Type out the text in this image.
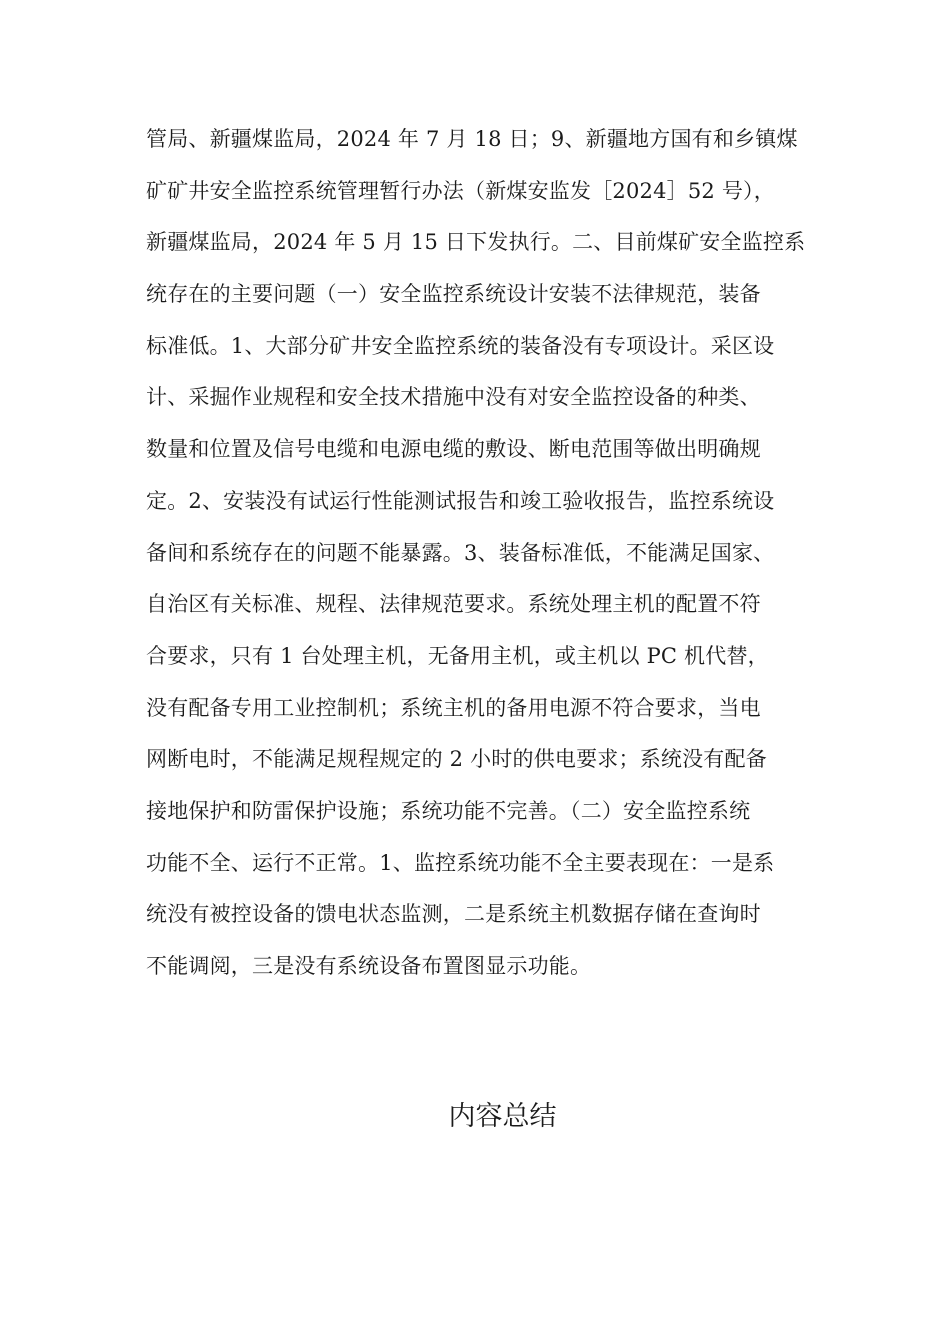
管局、新疆煤监局，2024 年 7 月 18 日；9、新疆地方国有和乡镇煤
矿矿井安全监控系统管理暂行办法（新煤安监发［2024］52 号），
新疆煤监局，2024 年 5 月 15 日下发执行。二、目前煤矿安全监控系
统存在的主要问题（一）安全监控系统设计安装不法律规范，装备
标准低。1、大部分矿井安全监控系统的装备没有专项设计。采区设
计、采掘作业规程和安全技术措施中没有对安全监控设备的种类、
数量和位置及信号电缆和电源电缆的敷设、断电范围等做出明确规
定。2、安装没有试运行性能测试报告和竣工验收报告，监控系统设
备间和系统存在的问题不能暴露。3、装备标准低，不能满足国家、
自治区有关标准、规程、法律规范要求。系统处理主机的配置不符
合要求，只有 1 台处理主机，无备用主机，或主机以 PC 机代替，
没有配备专用工业控制机；系统主机的备用电源不符合要求，当电
网断电时，不能满足规程规定的 2 小时的供电要求；系统没有配备
接地保护和防雷保护设施；系统功能不完善。（二）安全监控系统
功能不全、运行不正常。1、监控系统功能不全主要表现在：一是系
统没有被控设备的馈电状态监测，二是系统主机数据存储在查询时
不能调阅，三是没有系统设备布置图显示功能。
内容总结
